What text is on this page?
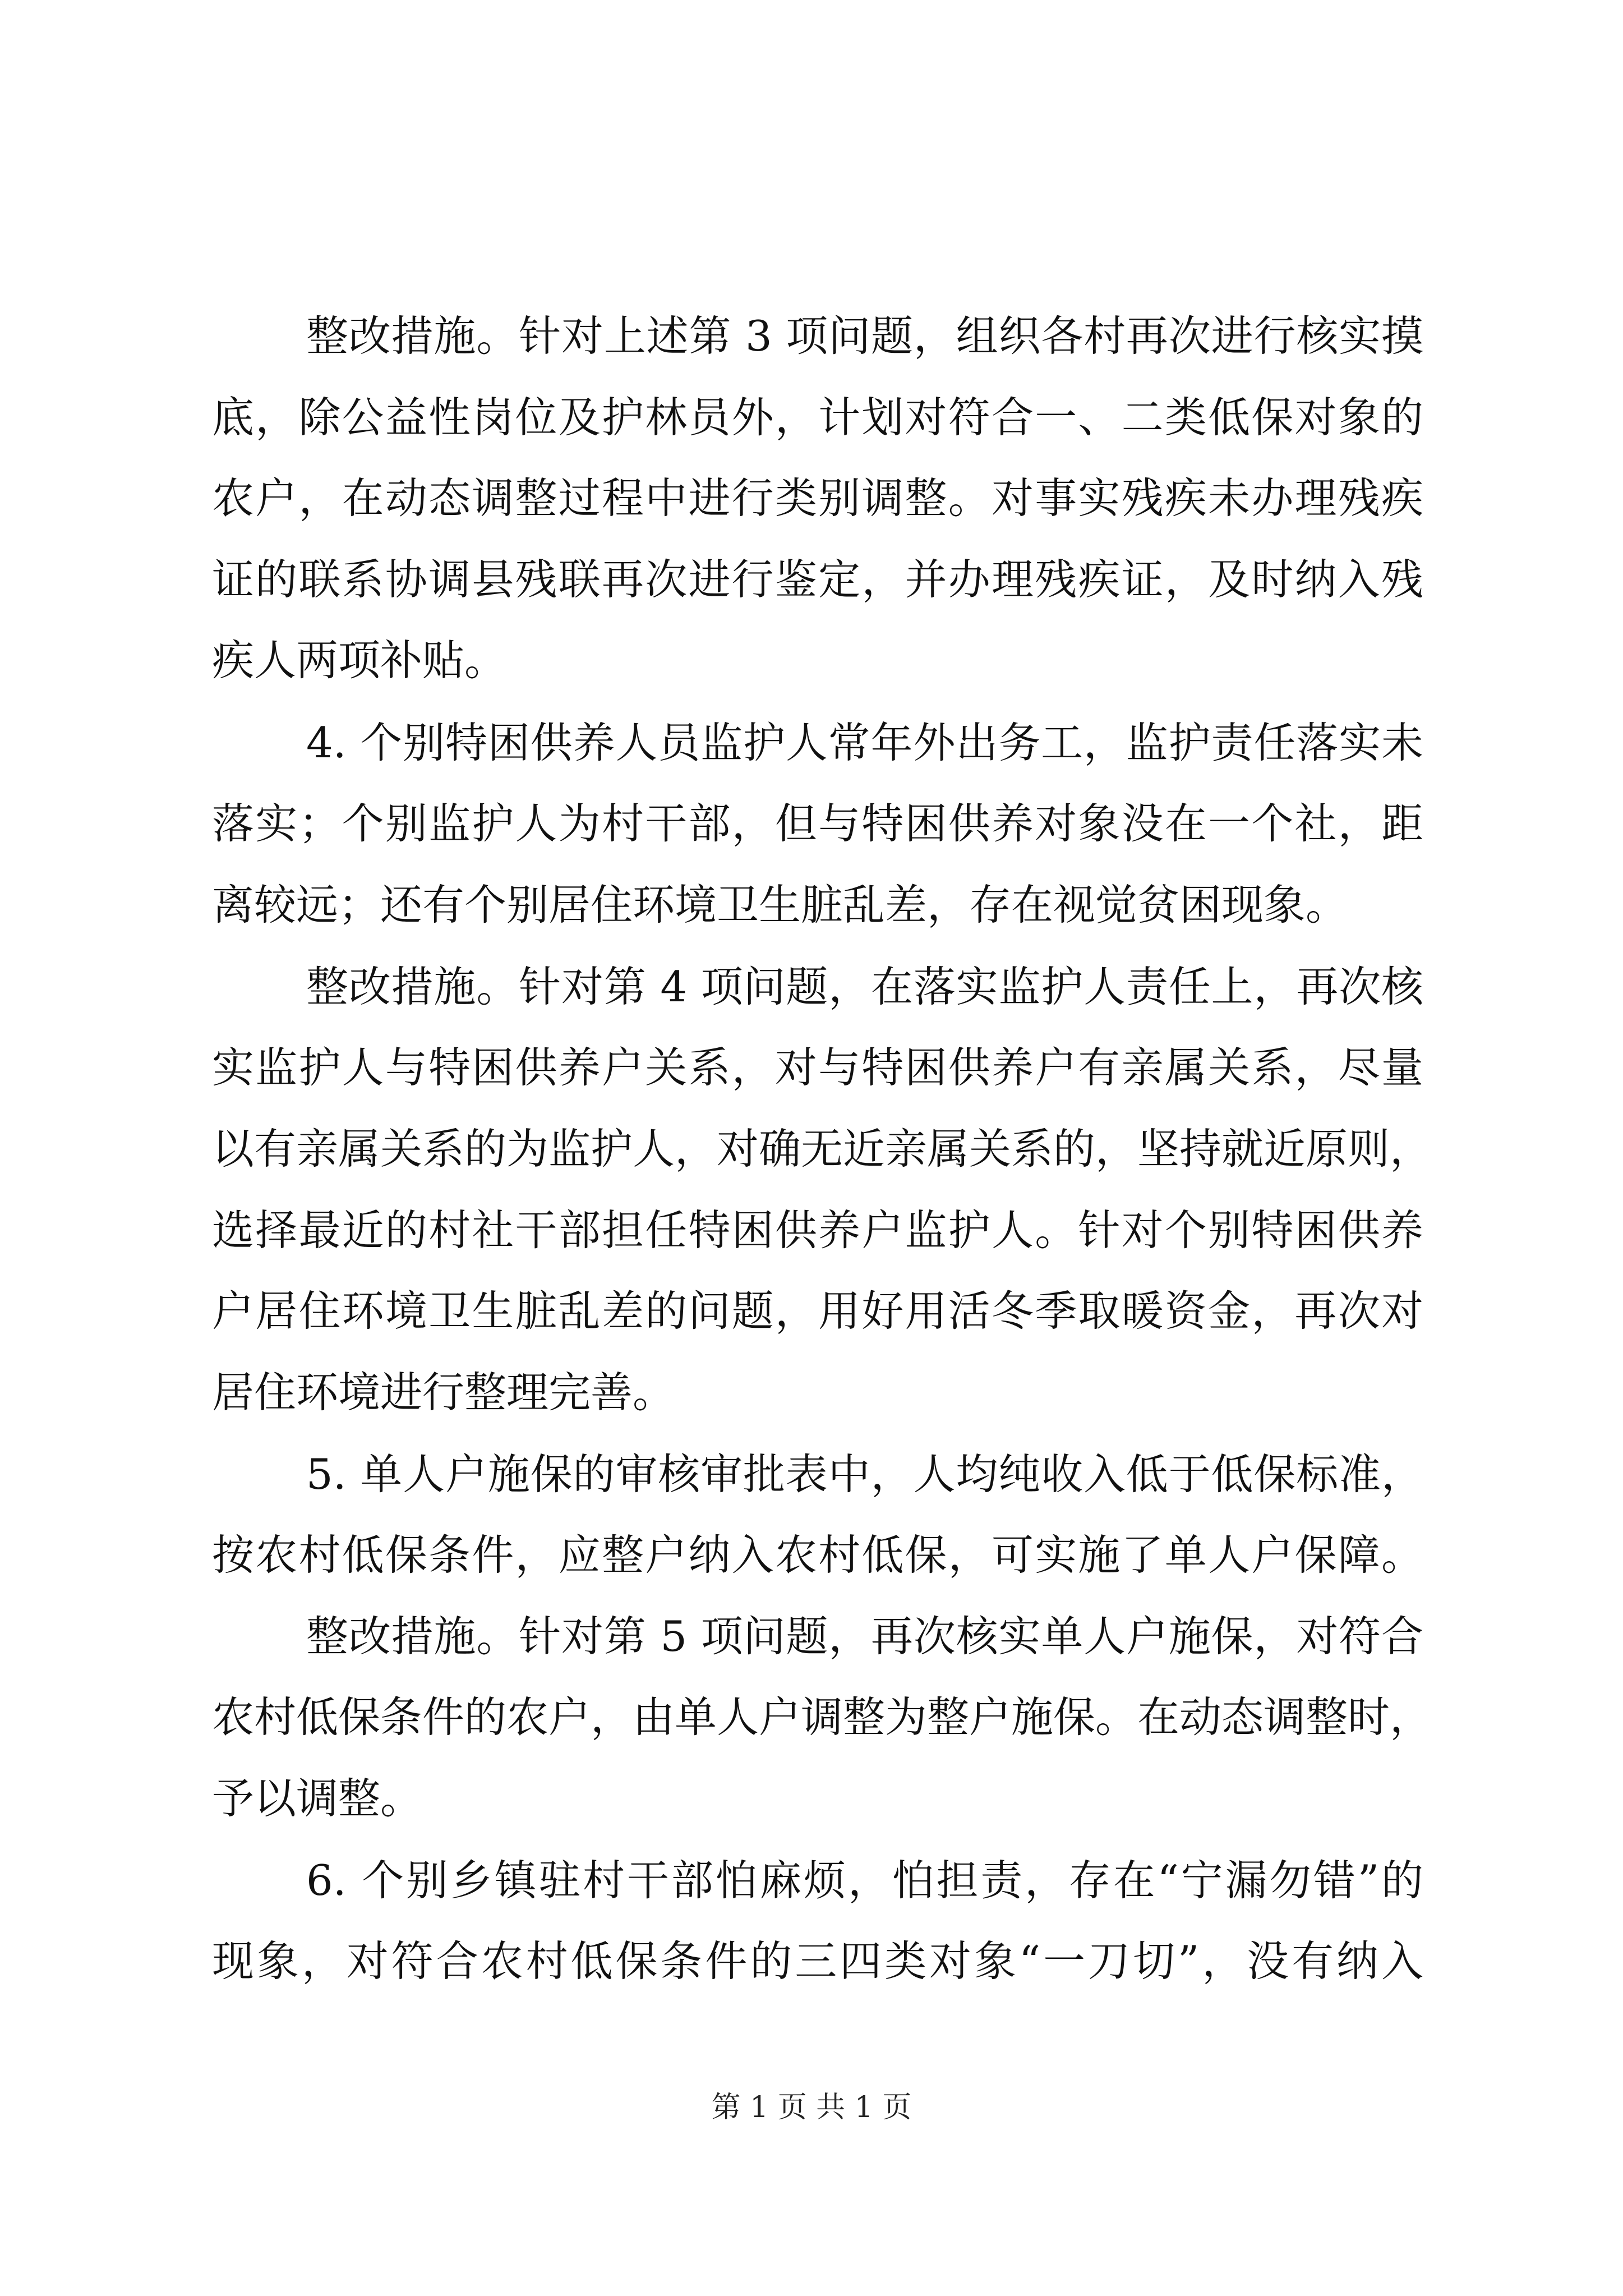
整改措施。针对上述第 3 项问题，组织各村再次进行核实摸
底，除公益性岗位及护林员外，计划对符合一、二类低保对象的
农户，在动态调整过程中进行类别调整。对事实残疾未办理残疾
证的联系协调县残联再次进行鉴定，并办理残疾证，及时纳入残
疾人两项补贴。
4. 个别特困供养人员监护人常年外出务工，监护责任落实未
落实；个别监护人为村干部，但与特困供养对象没在一个社，距
离较远；还有个别居住环境卫生脏乱差，存在视觉贫困现象。
整改措施。针对第 4 项问题，在落实监护人责任上，再次核
实监护人与特困供养户关系，对与特困供养户有亲属关系，尽量
以有亲属关系的为监护人，对确无近亲属关系的，坚持就近原则，
选择最近的村社干部担任特困供养户监护人。针对个别特困供养
户居住环境卫生脏乱差的问题，用好用活冬季取暖资金，再次对
居住环境进行整理完善。
5. 单人户施保的审核审批表中，人均纯收入低于低保标准，
按农村低保条件，应整户纳入农村低保，可实施了单人户保障。
整改措施。针对第 5 项问题，再次核实单人户施保，对符合
农村低保条件的农户，由单人户调整为整户施保。在动态调整时，
予以调整。
6. 个别乡镇驻村干部怕麻烦，怕担责，存在“宁漏勿错”的
现象，对符合农村低保条件的三四类对象“一刀切”，没有纳入
第 1 页 共 1 页
